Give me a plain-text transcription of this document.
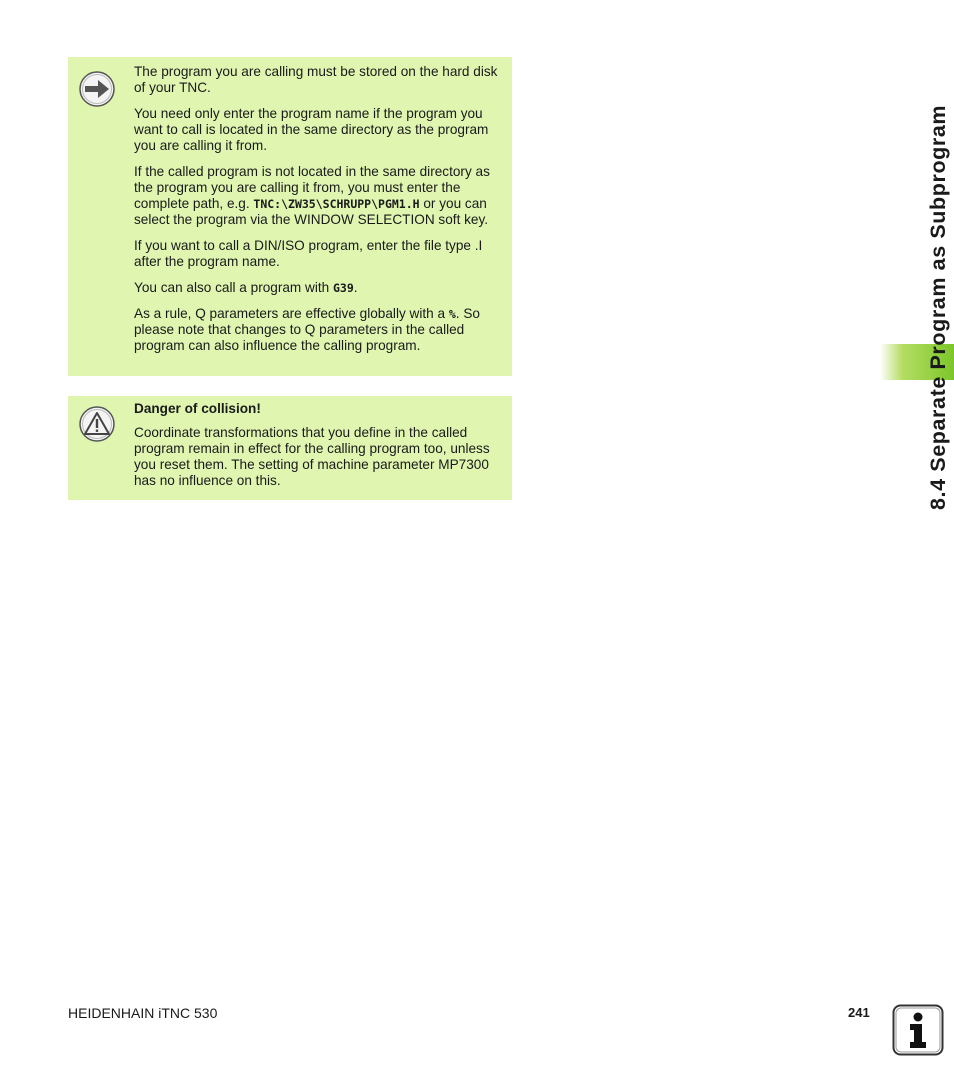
The program you are calling must be stored on the hard disk of your TNC.

You need only enter the program name if the program you want to call is located in the same directory as the program you are calling it from.

If the called program is not located in the same directory as the program you are calling it from, you must enter the complete path, e.g. TNC:\ZW35\SCHRUPP\PGM1.H or you can select the program via the WINDOW SELECTION soft key.

If you want to call a DIN/ISO program, enter the file type .I after the program name.

You can also call a program with G39.

As a rule, Q parameters are effective globally with a %. So please note that changes to Q parameters in the called program can also influence the calling program.

Danger of collision!

Coordinate transformations that you define in the called program remain in effect for the calling program too, unless you reset them. The setting of machine parameter MP7300 has no influence on this.	8.4 Separate Program as Subprogram
HEIDENHAIN iTNC 530	241
